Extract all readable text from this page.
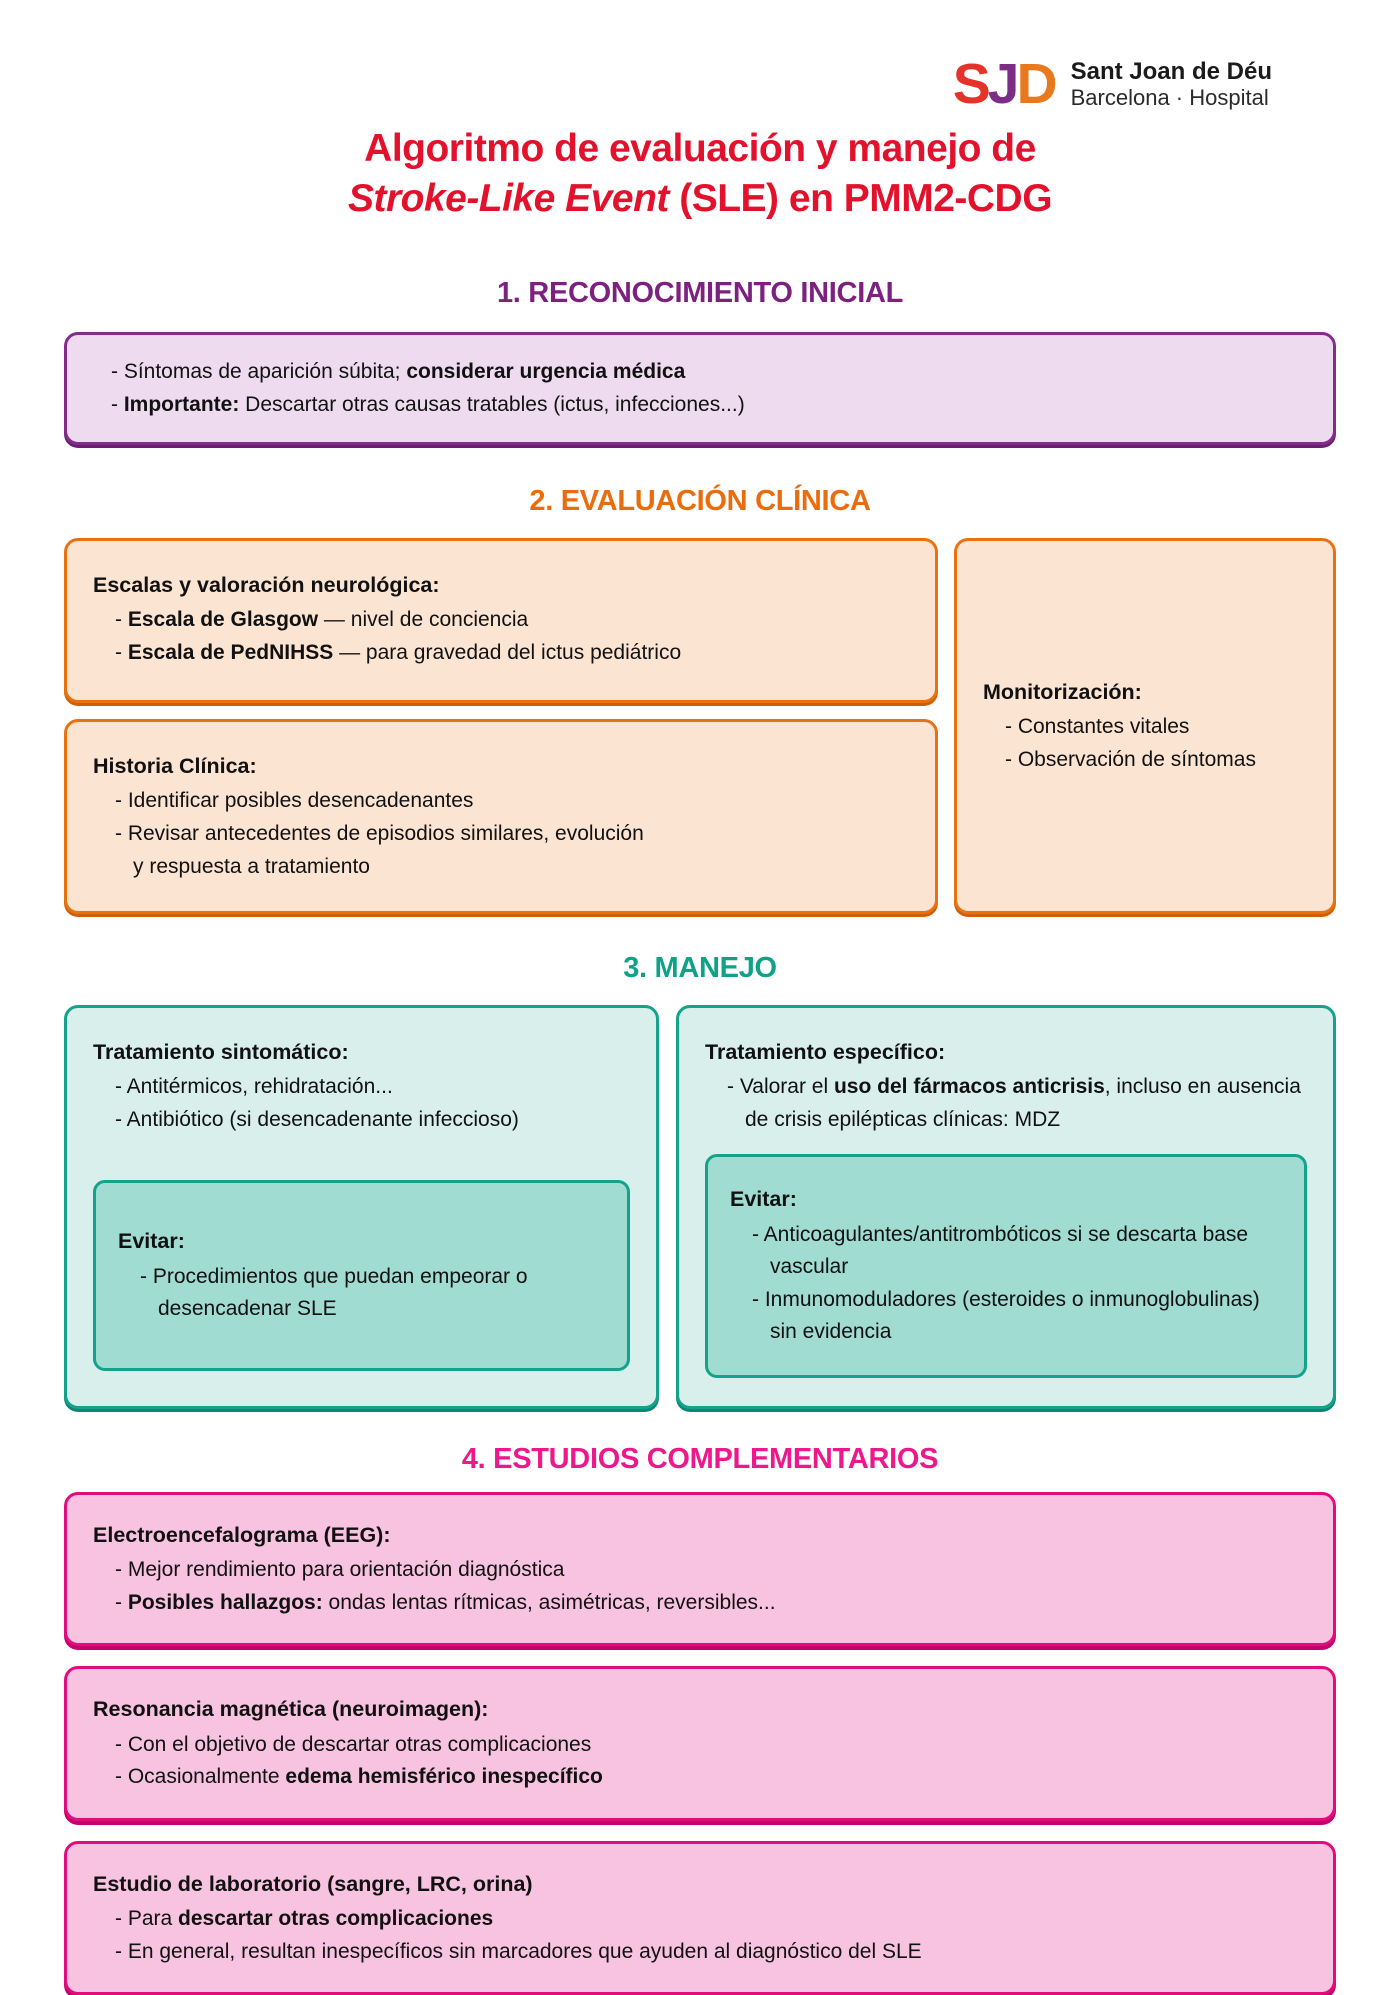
SJD Sant Joan de Déu
Barcelona · Hospital
Algoritmo de evaluación y manejo de
Stroke-Like Event (SLE) en PMM2-CDG
1. RECONOCIMIENTO INICIAL
- Síntomas de aparición súbita; considerar urgencia médica
- Importante: Descartar otras causas tratables (ictus, infecciones...)
2. EVALUACIÓN CLÍNICA
Escalas y valoración neurológica:
- Escala de Glasgow — nivel de conciencia
- Escala de PedNIHSS — para gravedad del ictus pediátrico
Historia Clínica:
- Identificar posibles desencadenantes
- Revisar antecedentes de episodios similares, evolución y respuesta a tratamiento
Monitorización:
- Constantes vitales
- Observación de síntomas
3. MANEJO
Tratamiento sintomático:
- Antitérmicos, rehidratación...
- Antibiótico (si desencadenante infeccioso)
Evitar:
- Procedimientos que puedan empeorar o desencadenar SLE
Tratamiento específico:
- Valorar el uso del fármacos anticrisis, incluso en ausencia de crisis epilépticas clínicas: MDZ
Evitar:
- Anticoagulantes/antitrombóticos si se descarta base vascular
- Inmunomoduladores (esteroides o inmunoglobulinas) sin evidencia
4. ESTUDIOS COMPLEMENTARIOS
Electroencefalograma (EEG):
- Mejor rendimiento para orientación diagnóstica
- Posibles hallazgos: ondas lentas rítmicas, asimétricas, reversibles...
Resonancia magnética (neuroimagen):
- Con el objetivo de descartar otras complicaciones
- Ocasionalmente edema hemisférico inespecífico
Estudio de laboratorio (sangre, LRC, orina)
- Para descartar otras complicaciones
- En general, resultan inespecíficos sin marcadores que ayuden al diagnóstico del SLE
